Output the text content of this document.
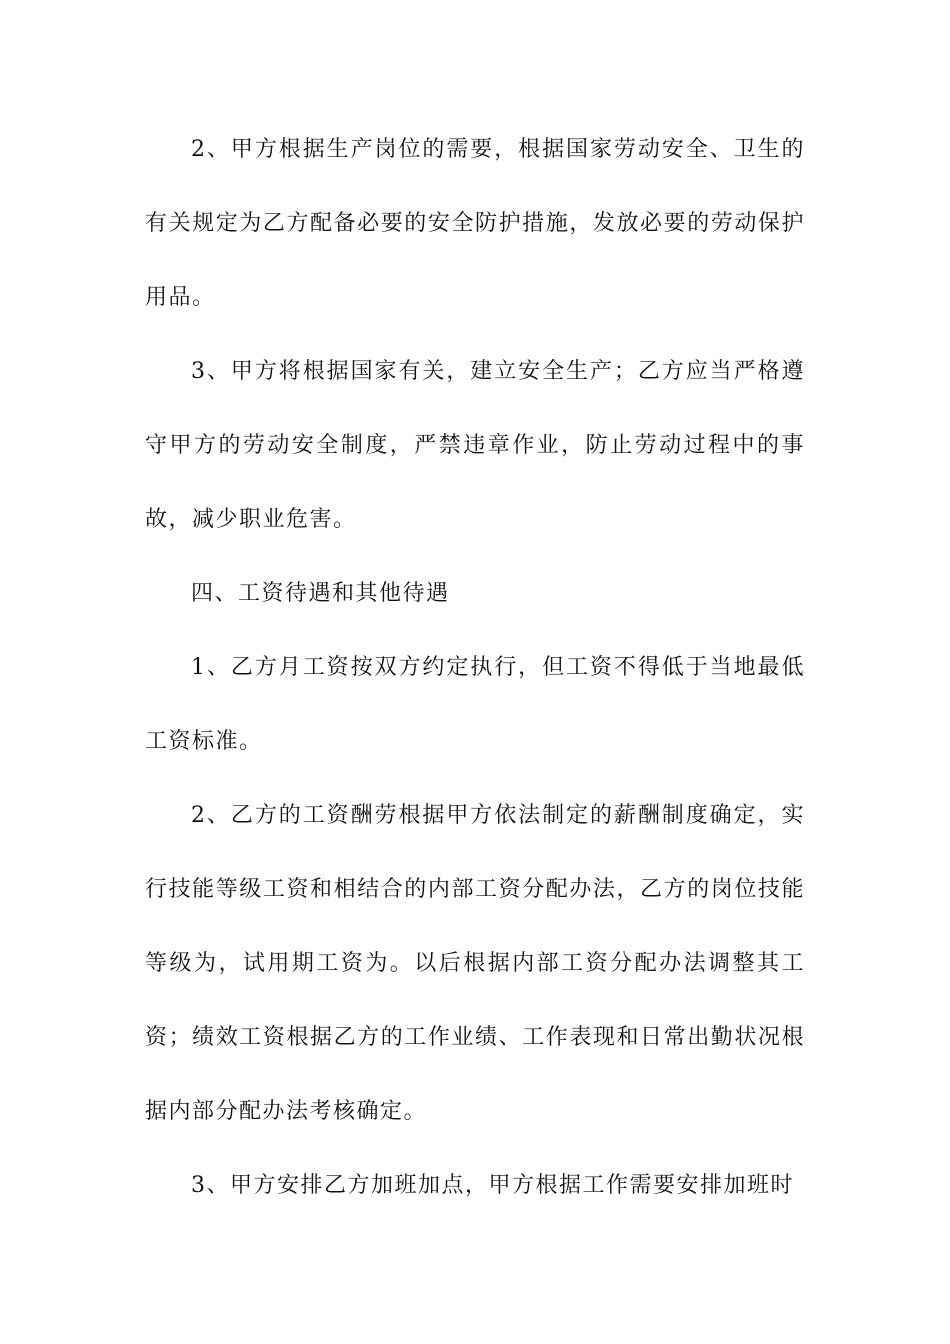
2、甲方根据生产岗位的需要，根据国家劳动安全、卫生的有关规定为乙方配备必要的安全防护措施，发放必要的劳动保护用品。

3、甲方将根据国家有关，建立安全生产；乙方应当严格遵守甲方的劳动安全制度，严禁违章作业，防止劳动过程中的事故，减少职业危害。

四、工资待遇和其他待遇

1、乙方月工资按双方约定执行，但工资不得低于当地最低工资标准。

2、乙方的工资酬劳根据甲方依法制定的薪酬制度确定，实行技能等级工资和相结合的内部工资分配办法，乙方的岗位技能等级为，试用期工资为。以后根据内部工资分配办法调整其工资；绩效工资根据乙方的工作业绩、工作表现和日常出勤状况根据内部分配办法考核确定。

3、甲方安排乙方加班加点，甲方根据工作需要安排加班时
